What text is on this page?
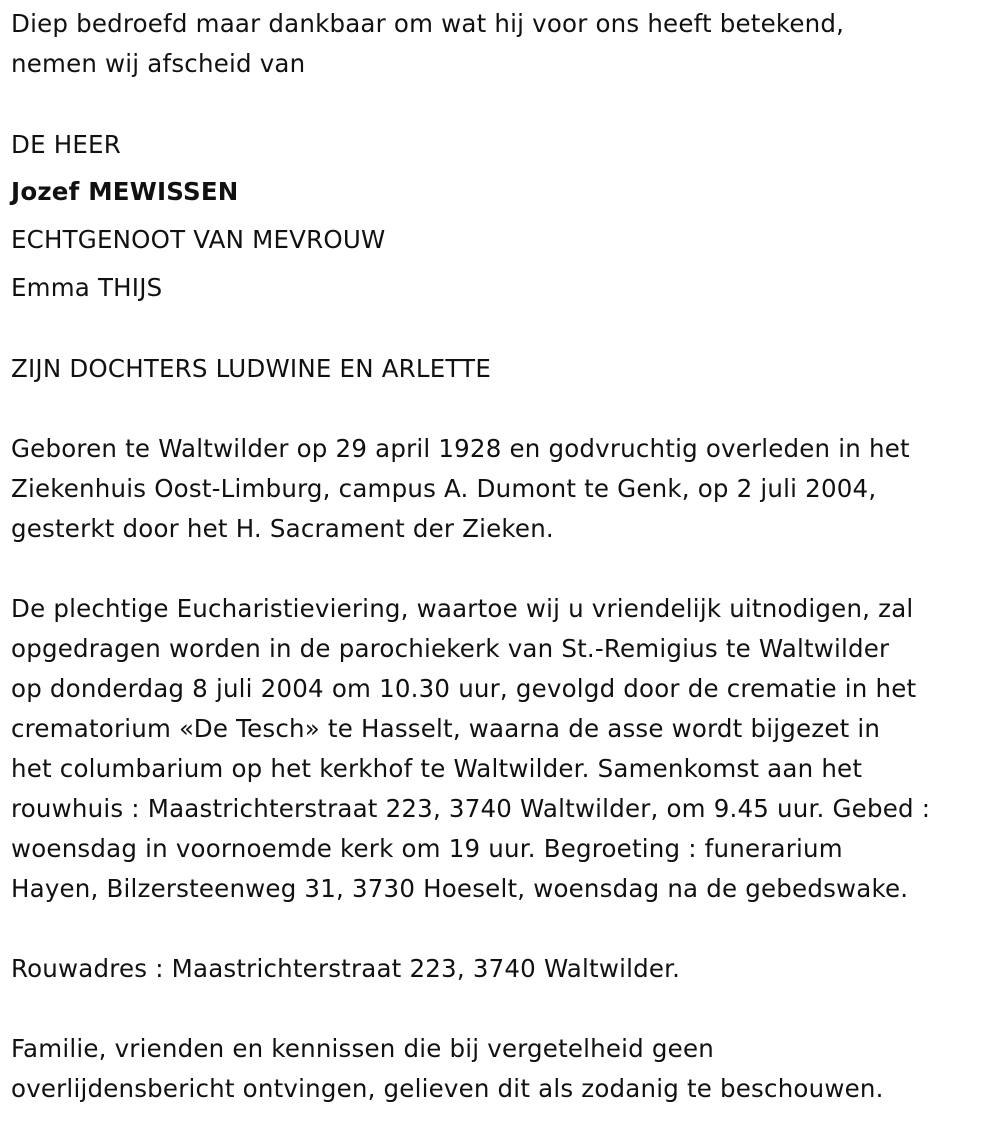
Diep bedroefd maar dankbaar om wat hij voor ons heeft betekend,
nemen wij afscheid van
DE HEER
Jozef MEWISSEN
ECHTGENOOT VAN MEVROUW
Emma THIJS
ZIJN DOCHTERS LUDWINE EN ARLETTE
Geboren te Waltwilder op 29 april 1928 en godvruchtig overleden in het
Ziekenhuis Oost-Limburg, campus A. Dumont te Genk, op 2 juli 2004,
gesterkt door het H. Sacrament der Zieken.
De plechtige Eucharistieviering, waartoe wij u vriendelijk uitnodigen, zal
opgedragen worden in de parochiekerk van St.-Remigius te Waltwilder
op donderdag 8 juli 2004 om 10.30 uur, gevolgd door de crematie in het
crematorium «De Tesch» te Hasselt, waarna de asse wordt bijgezet in
het columbarium op het kerkhof te Waltwilder. Samenkomst aan het
rouwhuis : Maastrichterstraat 223, 3740 Waltwilder, om 9.45 uur. Gebed :
woensdag in voornoemde kerk om 19 uur. Begroeting : funerarium
Hayen, Bilzersteenweg 31, 3730 Hoeselt, woensdag na de gebedswake.
Rouwadres : Maastrichterstraat 223, 3740 Waltwilder.
Familie, vrienden en kennissen die bij vergetelheid geen
overlijdensbericht ontvingen, gelieven dit als zodanig te beschouwen.
